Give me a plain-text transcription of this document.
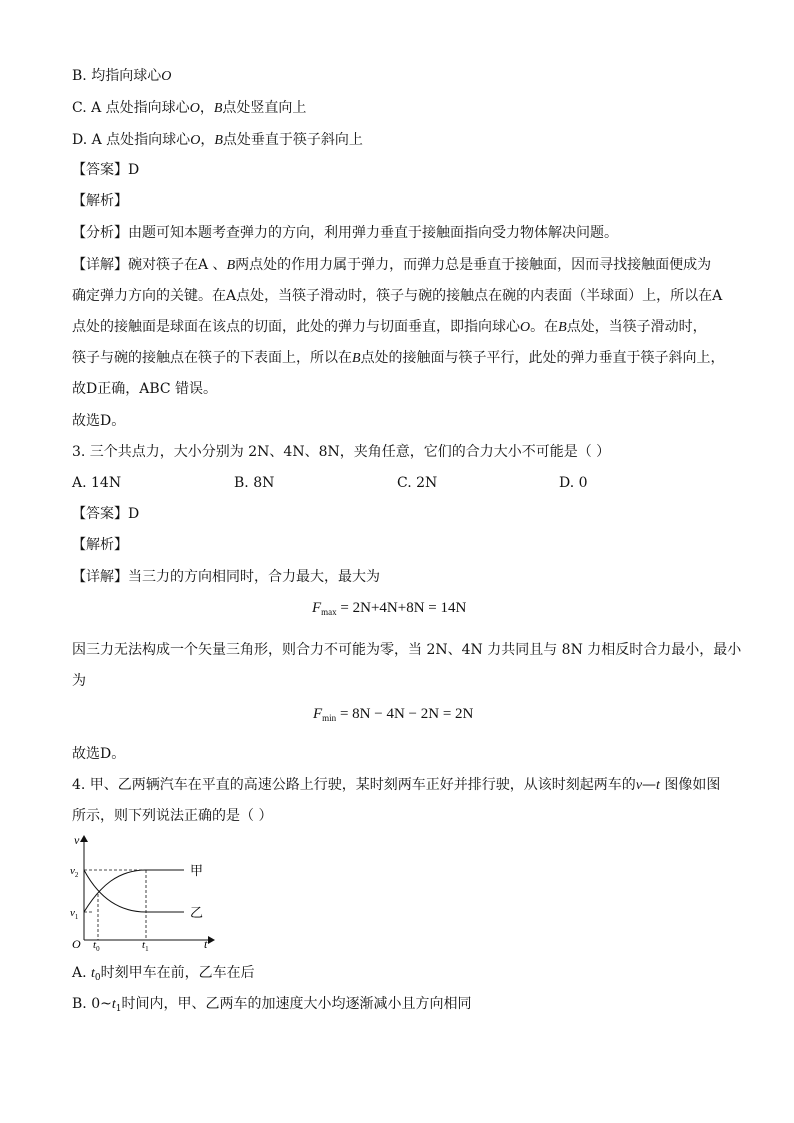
B. 均指向球心O
C. A 点处指向球心O，B点处竖直向上
D. A 点处指向球心O，B点处垂直于筷子斜向上
【答案】D
【解析】
【分析】由题可知本题考查弹力的方向，利用弹力垂直于接触面指向受力物体解决问题。
【详解】碗对筷子在A 、B两点处的作用力属于弹力，而弹力总是垂直于接触面，因而寻找接触面便成为
确定弹力方向的关键。在A点处，当筷子滑动时，筷子与碗的接触点在碗的内表面（半球面）上，所以在A
点处的接触面是球面在该点的切面，此处的弹力与切面垂直，即指向球心O。在B点处，当筷子滑动时，
筷子与碗的接触点在筷子的下表面上，所以在B点处的接触面与筷子平行，此处的弹力垂直于筷子斜向上，
故D正确，ABC 错误。
故选D。
3. 三个共点力，大小分别为 2N、4N、8N，夹角任意，它们的合力大小不可能是（ ）
A. 14N	B. 8N	C. 2N	D. 0
【答案】D
【解析】
【详解】当三力的方向相同时，合力最大，最大为
$F_{max} = 2N+4N+8N = 14N$
因三力无法构成一个矢量三角形，则合力不可能为零，当 2N、4N 力共同且与 8N 力相反时合力最小，最小
为
$F_{min} = 8N - 4N - 2N = 2N$
故选D。
4. 甲、乙两辆汽车在平直的高速公路上行驶，某时刻两车正好并排行驶，从该时刻起两车的v—t 图像如图
所示，则下列说法正确的是（ ）
v
t
O
$v_2$
$v_1$
$t_0$	$t_1$
甲
乙
A. $t_0$时刻甲车在前，乙车在后
B. $0\sim t_1$时间内，甲、乙两车的加速度大小均逐渐减小且方向相同
